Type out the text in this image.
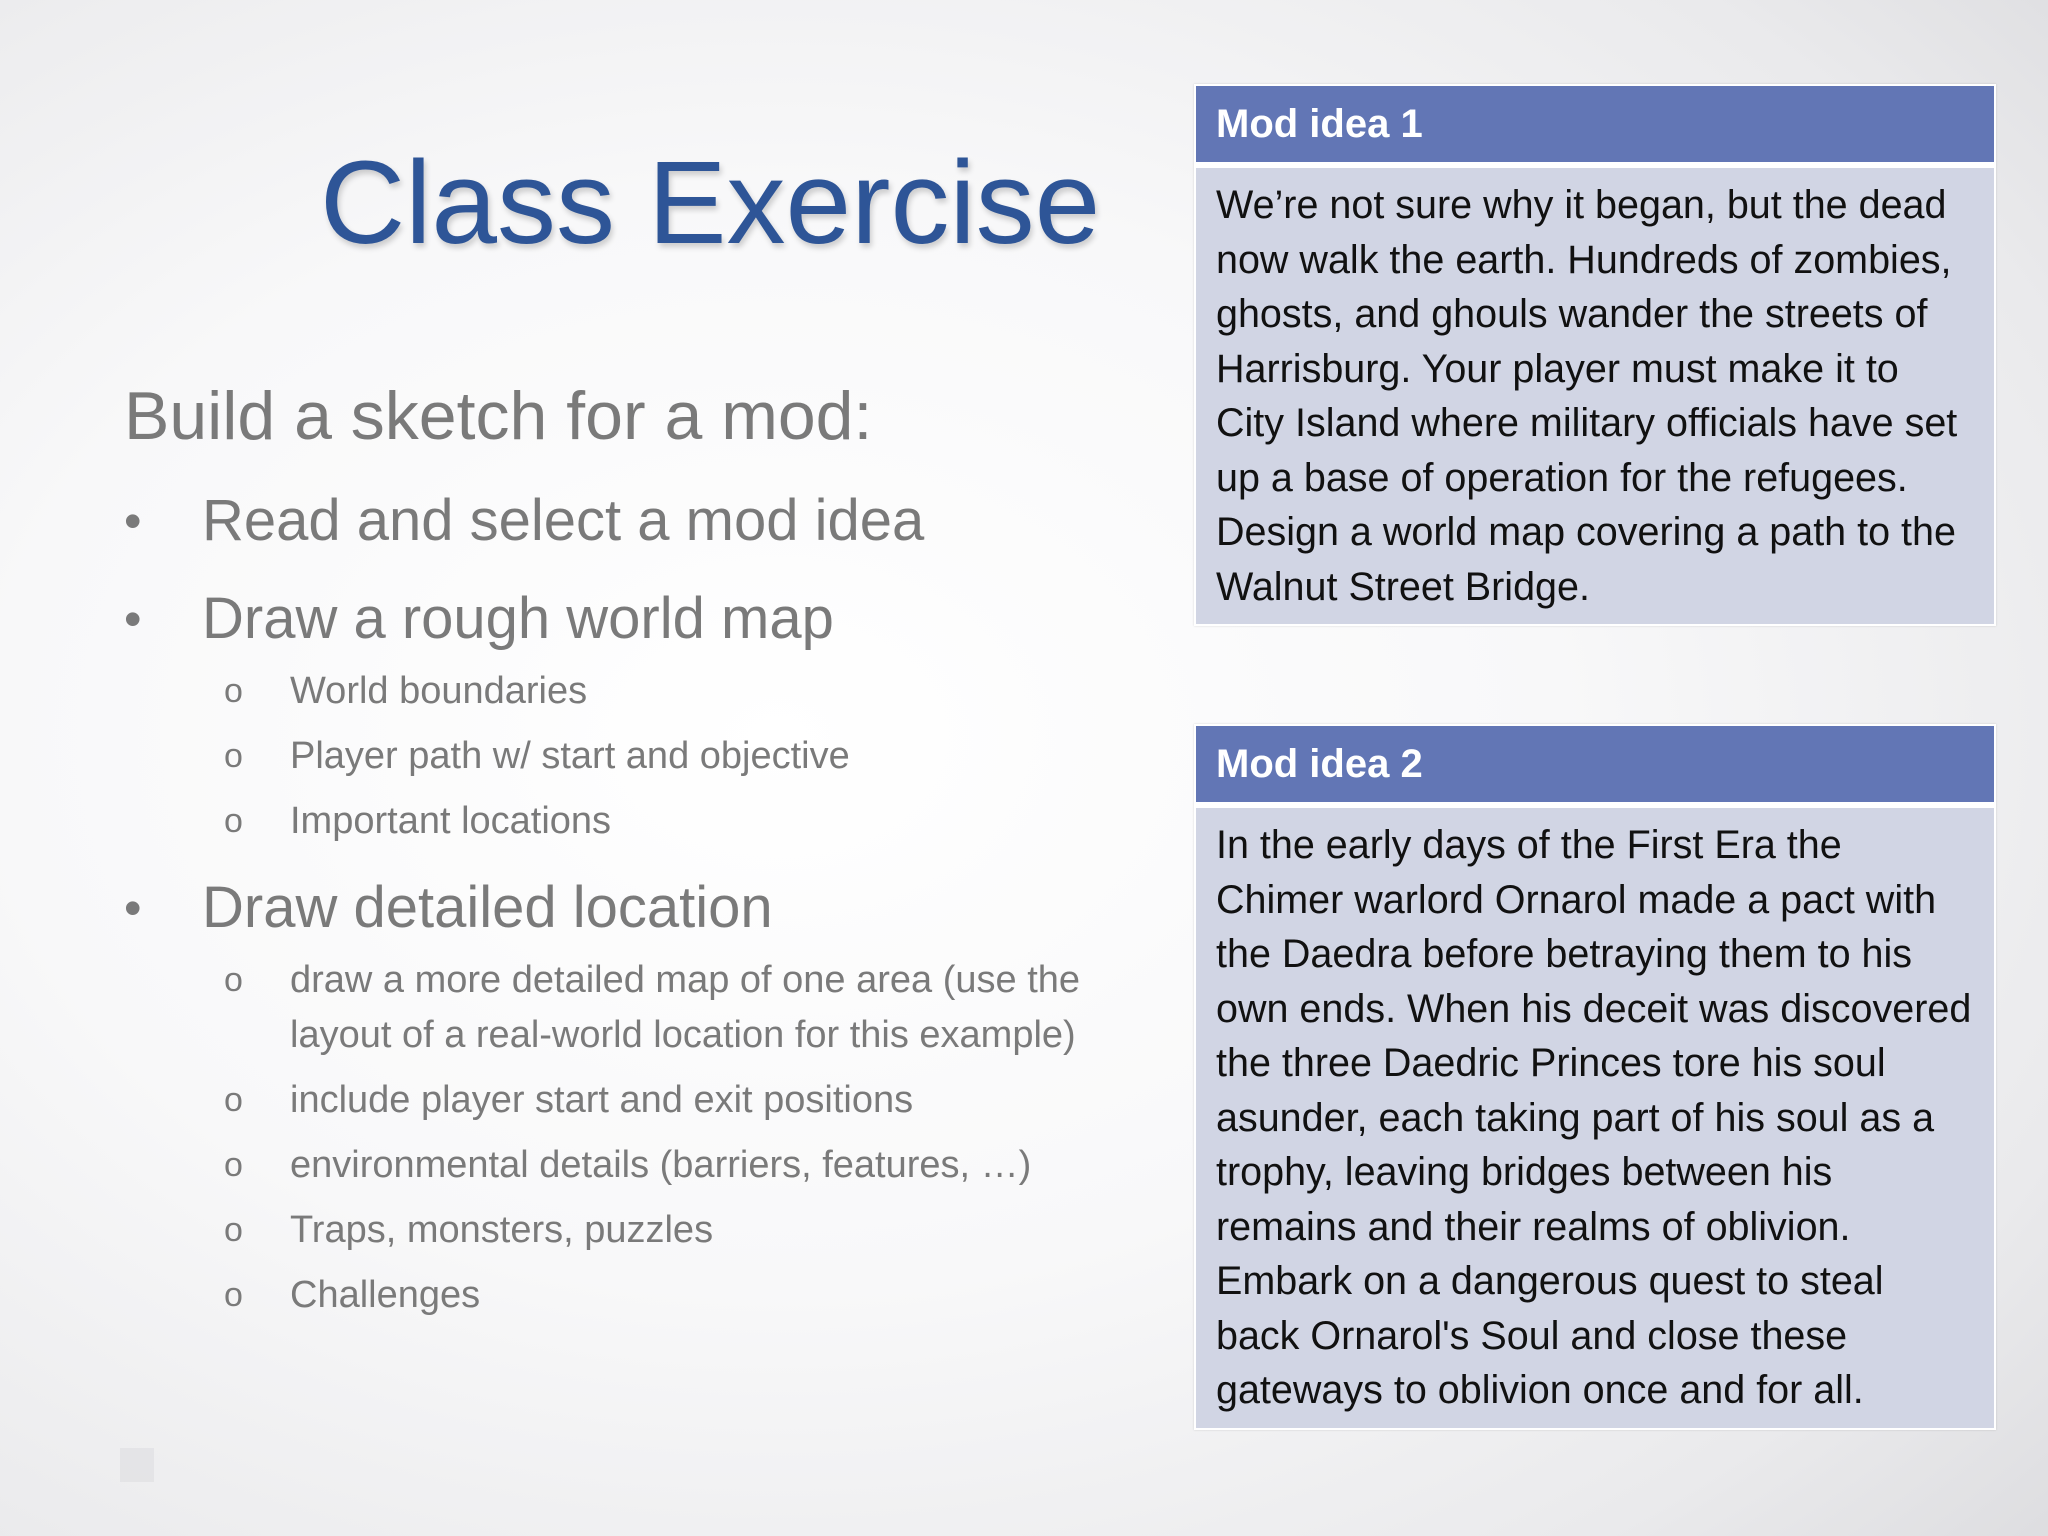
Class Exercise

Build a sketch for a mod:

• Read and select a mod idea
• Draw a rough world map
o World boundaries
o Player path w/ start and objective
o Important locations
• Draw detailed location
o draw a more detailed map of one area (use the layout of a real-world location for this example)
o include player start and exit positions
o environmental details (barriers, features, …)
o Traps, monsters, puzzles
o Challenges
Mod idea 1
We’re not sure why it began, but the dead now walk the earth. Hundreds of zombies, ghosts, and ghouls wander the streets of Harrisburg. Your player must make it to City Island where military officials have set up a base of operation for the refugees. Design a world map covering a path to the Walnut Street Bridge.
Mod idea 2
In the early days of the First Era the Chimer warlord Ornarol made a pact with the Daedra before betraying them to his own ends. When his deceit was discovered the three Daedric Princes tore his soul asunder, each taking part of his soul as a trophy, leaving bridges between his remains and their realms of oblivion. Embark on a dangerous quest to steal back Ornarol's Soul and close these gateways to oblivion once and for all.
